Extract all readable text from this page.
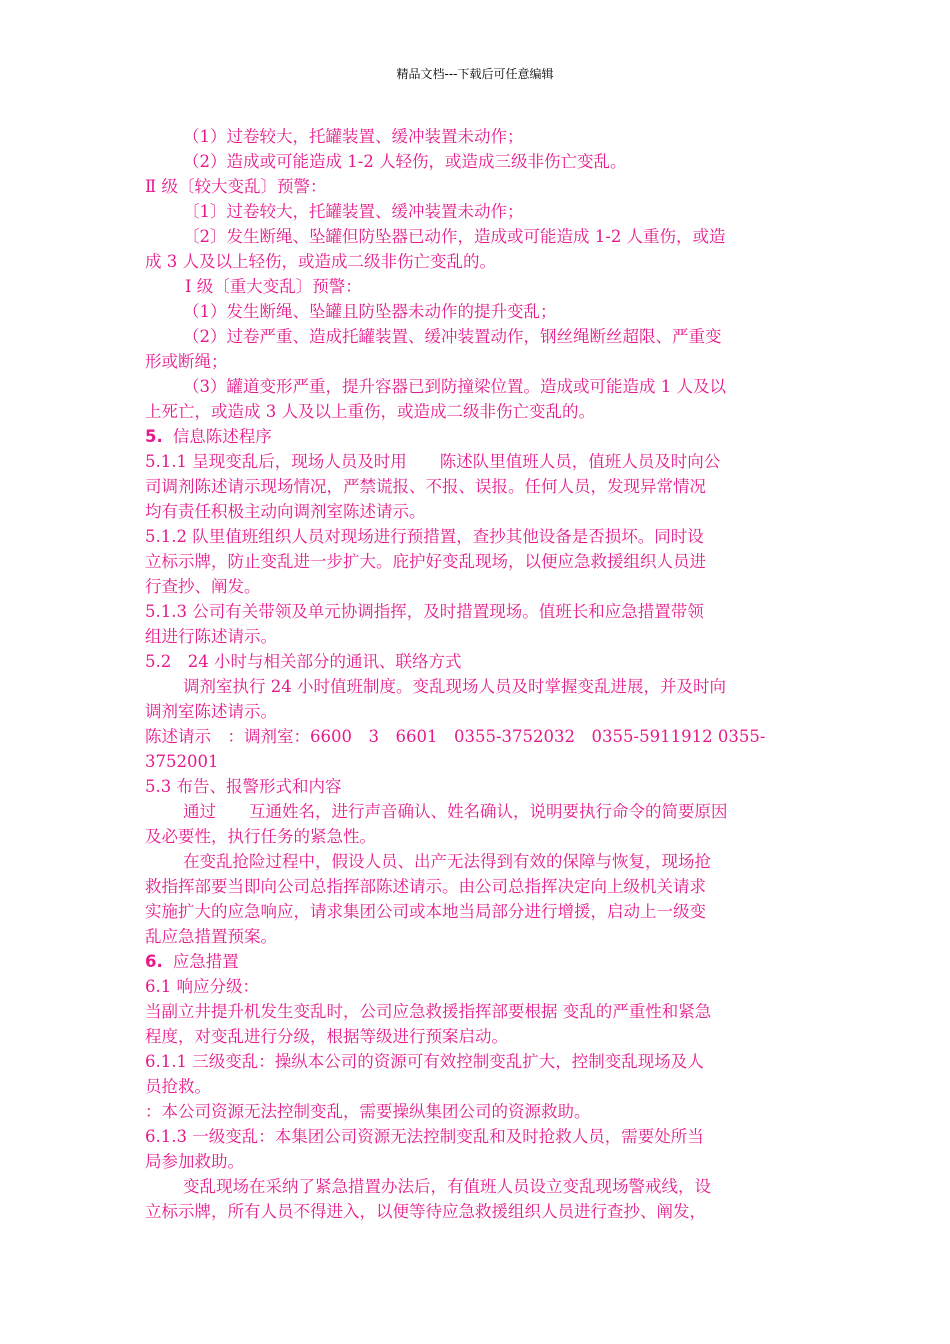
精品文档---下载后可任意编辑
（1）过卷较大，托罐装置、缓冲装置未动作；
（2）造成或可能造成 1-2 人轻伤，或造成三级非伤亡变乱。
Ⅱ 级〔较大变乱〕预警：
〔1〕过卷较大，托罐装置、缓冲装置未动作；
〔2〕发生断绳、坠罐但防坠器已动作，造成或可能造成 1-2 人重伤，或造
成 3 人及以上轻伤，或造成二级非伤亡变乱的。
Ⅰ 级〔重大变乱〕预警：
（1）发生断绳、坠罐且防坠器未动作的提升变乱；
（2）过卷严重、造成托罐装置、缓冲装置动作，钢丝绳断丝超限、严重变
形或断绳；
（3）罐道变形严重，提升容器已到防撞梁位置。造成或可能造成 1 人及以
上死亡，或造成 3 人及以上重伤，或造成二级非伤亡变乱的。
5. 信息陈述程序
5.1.1 呈现变乱后，现场人员及时用　　陈述队里值班人员，值班人员及时向公
司调剂陈述请示现场情况，严禁谎报、不报、误报。任何人员，发现异常情况
均有责任积极主动向调剂室陈述请示。
5.1.2 队里值班组织人员对现场进行预措置，查抄其他设备是否损坏。同时设
立标示牌，防止变乱进一步扩大。庇护好变乱现场，以便应急救援组织人员进
行查抄、阐发。
5.1.3 公司有关带领及单元协调指挥，及时措置现场。值班长和应急措置带领
组进行陈述请示。
5.2　24 小时与相关部分的通讯、联络方式
调剂室执行 24 小时值班制度。变乱现场人员及时掌握变乱进展，并及时向
调剂室陈述请示。
陈述请示　：调剂室：6600　3　6601　0355-3752032　0355-5911912 0355-
3752001
5.3 布告、报警形式和内容
通过　　互通姓名，进行声音确认、姓名确认，说明要执行命令的简要原因
及必要性，执行任务的紧急性。
在变乱抢险过程中，假设人员、出产无法得到有效的保障与恢复，现场抢
救指挥部要当即向公司总指挥部陈述请示。由公司总指挥决定向上级机关请求
实施扩大的应急响应，请求集团公司或本地当局部分进行增援，启动上一级变
乱应急措置预案。
6. 应急措置
6.1 响应分级：
当副立井提升机发生变乱时，公司应急救援指挥部要根据 变乱的严重性和紧急
程度，对变乱进行分级，根据等级进行预案启动。
6.1.1 三级变乱：操纵本公司的资源可有效控制变乱扩大，控制变乱现场及人
员抢救。
：本公司资源无法控制变乱，需要操纵集团公司的资源救助。
6.1.3 一级变乱：本集团公司资源无法控制变乱和及时抢救人员，需要处所当
局参加救助。
变乱现场在采纳了紧急措置办法后，有值班人员设立变乱现场警戒线，设
立标示牌，所有人员不得进入，以便等待应急救援组织人员进行查抄、阐发，
